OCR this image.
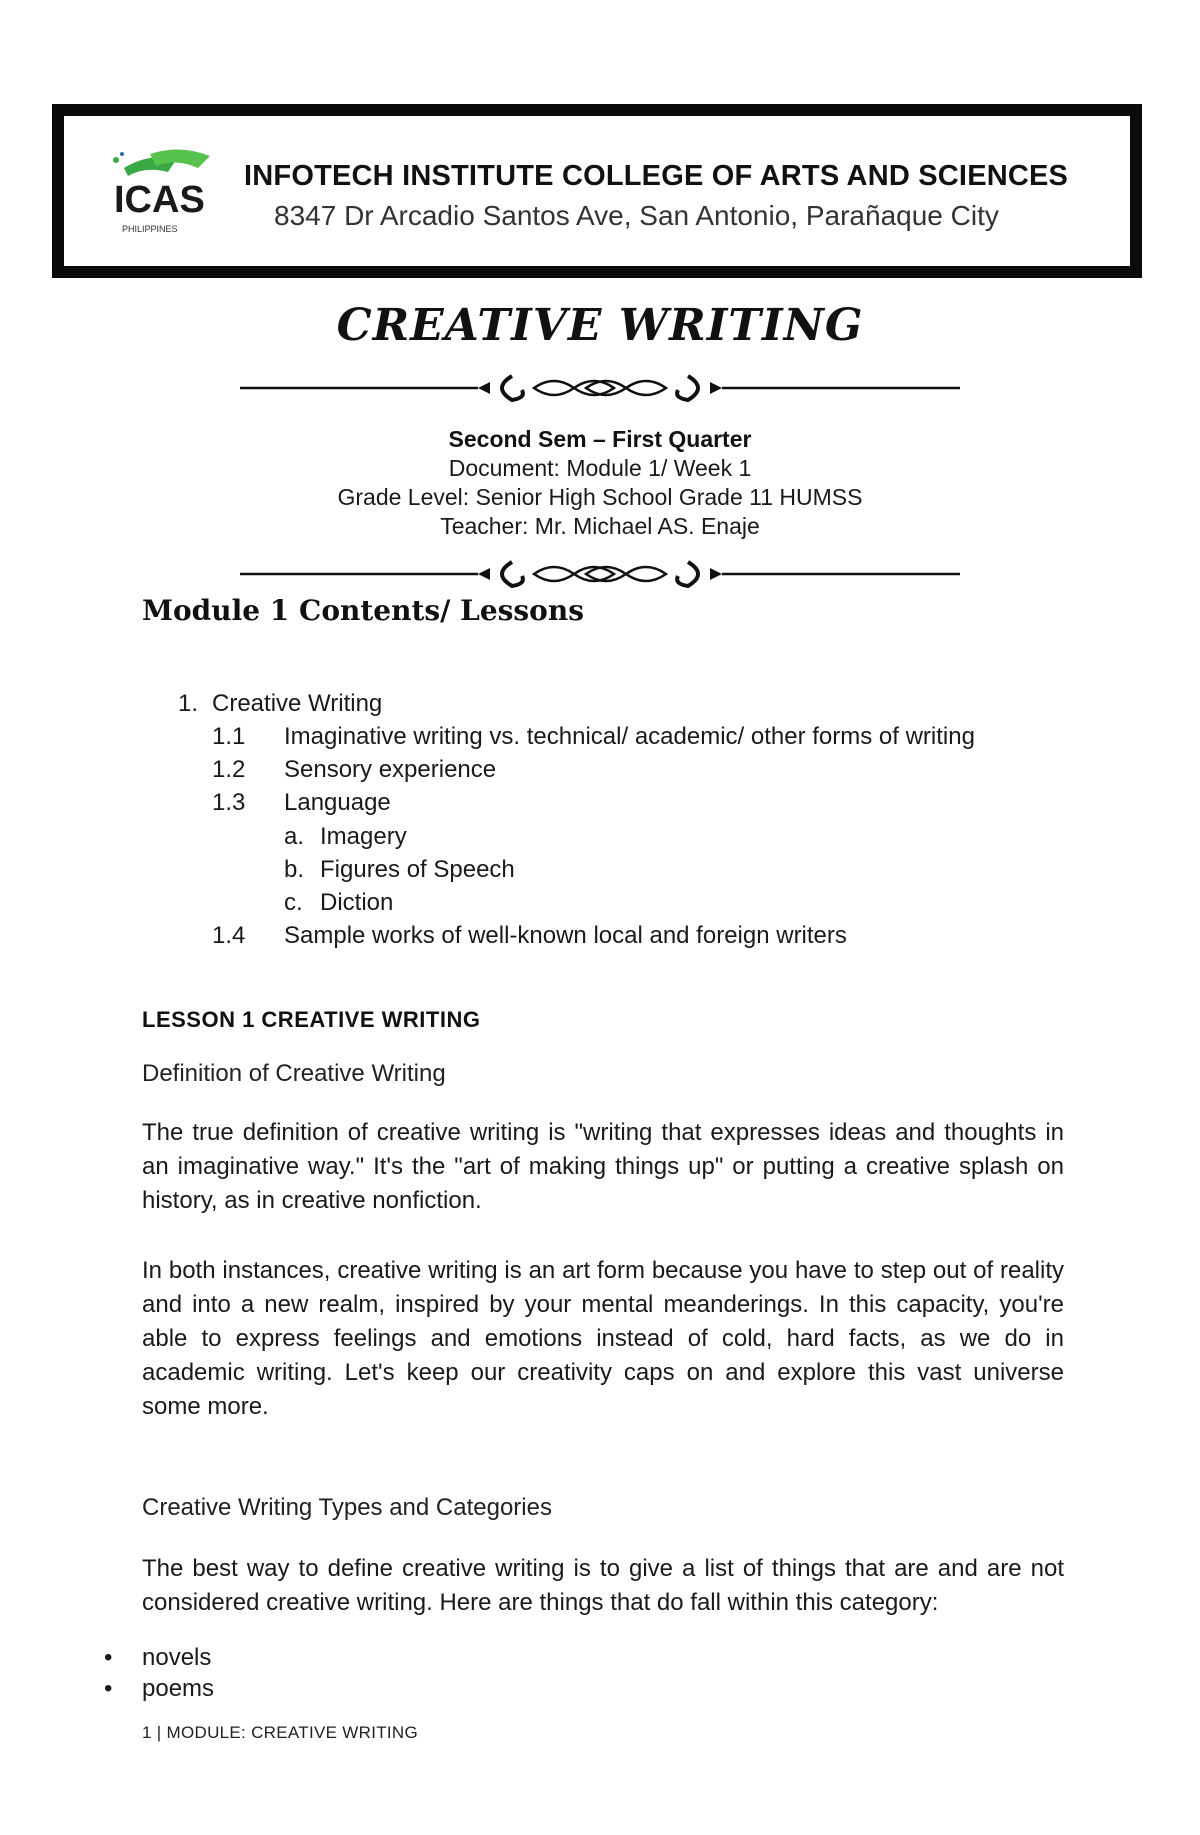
ICAS
PHILIPPINES
INFOTECH INSTITUTE COLLEGE OF ARTS AND SCIENCES
8347 Dr Arcadio Santos Ave, San Antonio, Parañaque City
CREATIVE WRITING
Second Sem – First Quarter
Document: Module 1/ Week 1
Grade Level: Senior High School Grade 11 HUMSS
Teacher: Mr. Michael AS. Enaje
Module 1 Contents/ Lessons
1. Creative Writing
1.1 Imaginative writing vs. technical/ academic/ other forms of writing
1.2 Sensory experience
1.3 Language
a. Imagery
b. Figures of Speech
c. Diction
1.4 Sample works of well-known local and foreign writers
LESSON 1 CREATIVE WRITING
Definition of Creative Writing

The true definition of creative writing is "writing that expresses ideas and thoughts in an imaginative way." It's the "art of making things up" or putting a creative splash on history, as in creative nonfiction.

In both instances, creative writing is an art form because you have to step out of reality and into a new realm, inspired by your mental meanderings. In this capacity, you're able to express feelings and emotions instead of cold, hard facts, as we do in academic writing. Let's keep our creativity caps on and explore this vast universe some more.

Creative Writing Types and Categories

The best way to define creative writing is to give a list of things that are and are not considered creative writing. Here are things that do fall within this category:

• novels
• poems
1 | MODULE: CREATIVE WRITING
